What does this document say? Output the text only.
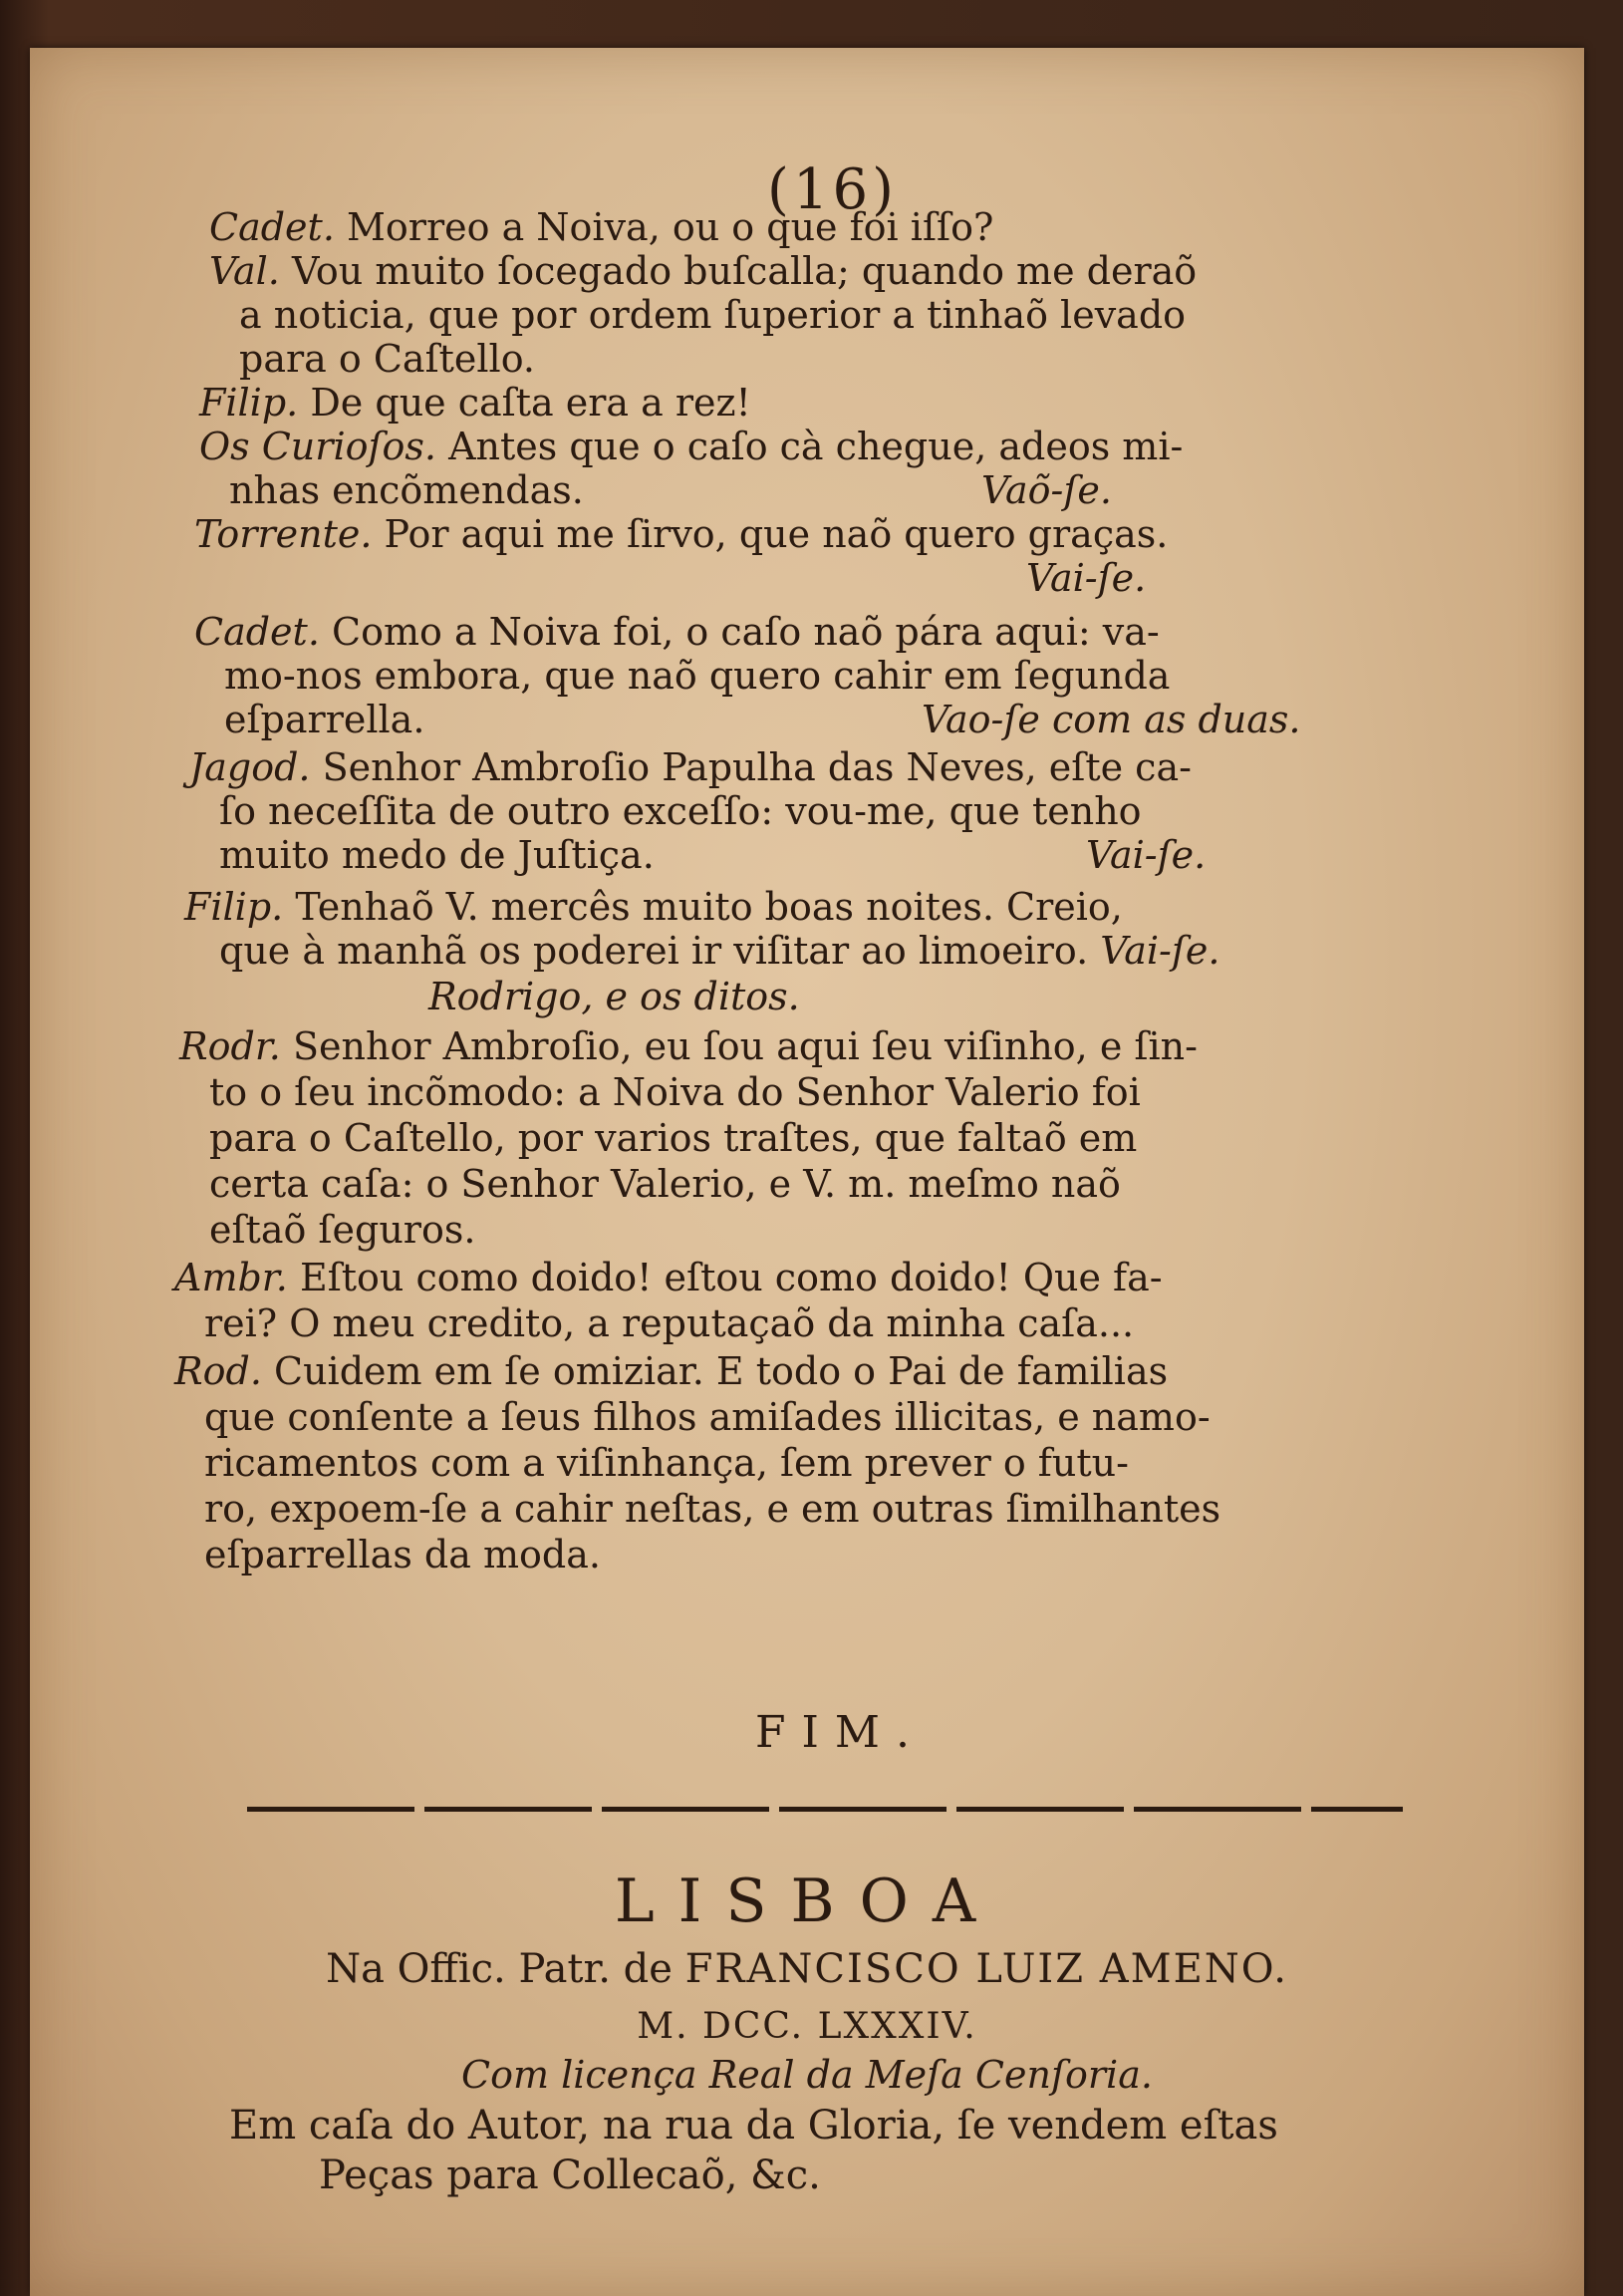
(16)
Cadet. Morreo a Noiva, ou o que foi iſſo?
Val. Vou muito ſocegado buſcalla; quando me deraõ
a noticia, que por ordem ſuperior a tinhaõ levado
para o Caſtello.
Filip. De que caſta era a rez!
Os Curioſos. Antes que o caſo cà chegue, adeos mi-
nhas encõmendas.	Vaõ-ſe.
Torrente. Por aqui me ſirvo, que naõ quero graças.
Vai-ſe.
Cadet. Como a Noiva foi, o caſo naõ pára aqui: va-
mo-nos embora, que naõ quero cahir em ſegunda
eſparrella.	Vao-ſe com as duas.
Jagod. Senhor Ambroſio Papulha das Neves, eſte ca-
ſo neceſſita de outro exceſſo: vou-me, que tenho
muito medo de Juſtiça.	Vai-ſe.
Filip. Tenhaõ V. mercês muito boas noites. Creio,
que à manhã os poderei ir viſitar ao limoeiro. Vai-ſe.
Rodrigo, e os ditos.
Rodr. Senhor Ambroſio, eu ſou aqui ſeu viſinho, e ſin-
to o ſeu incõmodo: a Noiva do Senhor Valerio foi
para o Caſtello, por varios traſtes, que faltaõ em
certa caſa: o Senhor Valerio, e V. m. meſmo naõ
eſtaõ ſeguros.
Ambr. Eſtou como doido! eſtou como doido! Que fa-
rei? O meu credito, a reputaçaõ da minha caſa...
Rod. Cuidem em ſe omiziar. E todo o Pai de familias
que conſente a ſeus filhos amiſades illicitas, e namo-
ricamentos com a viſinhança, ſem prever o futu-
ro, expoem-ſe a cahir neſtas, e em outras ſimilhantes
eſparrellas da moda.
FIM.
LISBOA
Na Offic. Patr. de FRANCISCO LUIZ AMENO.
M. DCC. LXXXIV.
Com licença Real da Meſa Cenſoria.
Em caſa do Autor, na rua da Gloria, ſe vendem eſtas
Peças para Collecaõ, &c.
